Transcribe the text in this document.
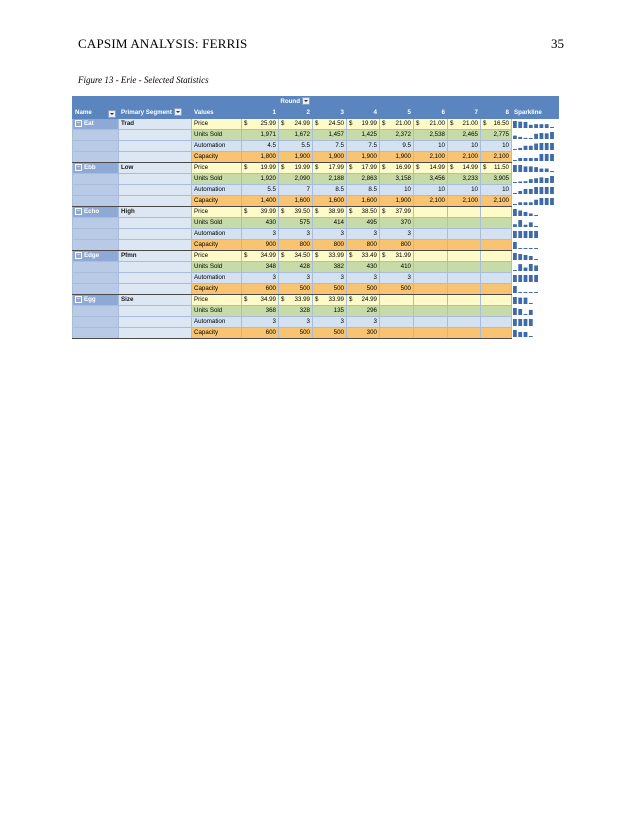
CAPSIM ANALYSIS: FERRIS	35
Figure 13 - Erie - Selected Statistics
			Round								
Name	Primary Segment	Values	1	2	3	4	5	6	7	8	Sparkline
− Eat	Trad	Price	$ 25.99	$ 24.99	$ 24.50	$ 19.99	$ 21.00	$ 21.00	$ 21.00	$ 16.50	

		Units Sold	1,971	1,672	1,457	1,425	2,372	2,538	2,465	2,775	

		Automation	4.5	5.5	7.5	7.5	9.5	10	10	10	

		Capacity	1,800	1,900	1,900	1,900	1,900	2,100	2,100	2,100	

− Ebb	Low	Price	$ 19.99	$ 19.99	$ 17.99	$ 17.99	$ 16.99	$ 14.99	$ 14.99	$ 11.50	

		Units Sold	1,920	2,090	2,188	2,863	3,158	3,456	3,233	3,905	

		Automation	5.5	7	8.5	8.5	10	10	10	10	

		Capacity	1,400	1,600	1,600	1,600	1,900	2,100	2,100	2,100	

− Echo	High	Price	$ 39.99	$ 39.50	$ 38.99	$ 38.50	$ 37.99				

		Units Sold	430	575	414	495	370				

		Automation	3	3	3	3	3				

		Capacity	900	800	800	800	800				

− Edge	Pfmn	Price	$ 34.99	$ 34.50	$ 33.99	$ 33.49	$ 31.99				

		Units Sold	348	428	382	430	410				

		Automation	3	3	3	3	3				

		Capacity	600	500	500	500	500				

− Egg	Size	Price	$ 34.99	$ 33.99	$ 33.99	$ 24.99					

		Units Sold	368	328	135	296					

		Automation	3	3	3	3					

		Capacity	600	500	500	300					
